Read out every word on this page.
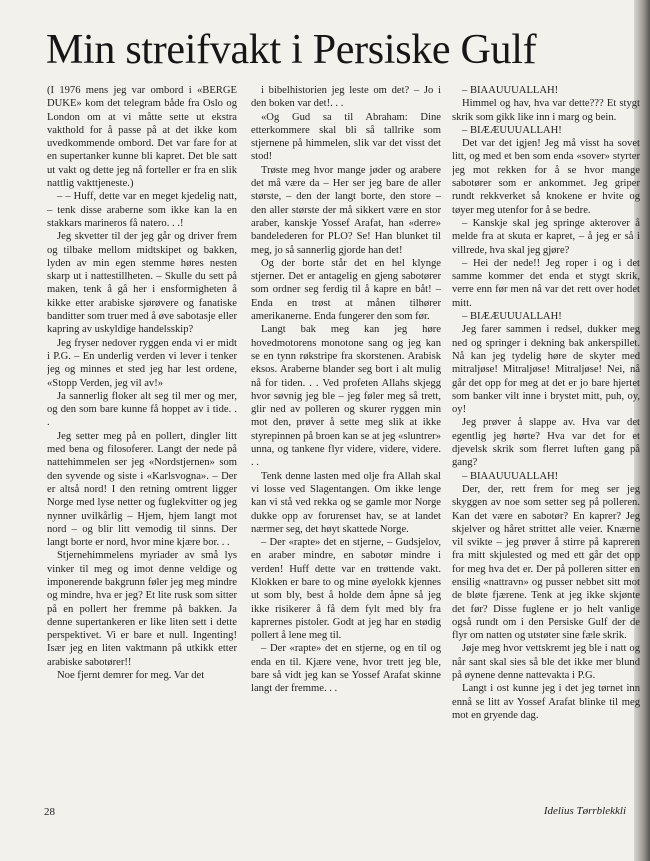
Min streifvakt i Persiske Gulf

(I 1976 mens jeg var ombord i «BERGE DUKE» kom det telegram både fra Oslo og London om at vi måtte sette ut ekstra vakthold for å passe på at det ikke kom uvedkommende ombord. Det var fare for at en supertanker kunne bli kapret. Det ble satt ut vakt og dette jeg nå forteller er fra en slik nattlig vakttjeneste.)

– – Huff, dette var en meget kjedelig natt, – tenk disse araberne som ikke kan la en stakkars marineros få natero. . .!

Jeg skvetter til der jeg går og driver frem og tilbake mellom midtskipet og bakken, lyden av min egen stemme høres nesten skarp ut i nattestillheten. – Skulle du sett på maken, tenk å gå her i ensformigheten å kikke etter arabiske sjørøvere og fanatiske banditter som truer med å øve sabotasje eller kapring av uskyldige handelsskip?

Jeg fryser nedover ryggen enda vi er midt i P.G. – En underlig verden vi lever i tenker jeg og minnes et sted jeg har lest ordene, «Stopp Verden, jeg vil av!»

Ja sannerlig floker alt seg til mer og mer, og den som bare kunne få hoppet av i tide. . .

Jeg setter meg på en pollert, dingler litt med bena og filosoferer. Langt der nede på nattehimmelen ser jeg «Nordstjernen» som den syvende og siste i «Karlsvogna». – Der er altså nord! I den retning omtrent ligger Norge med lyse netter og fuglekvitter og jeg nynner uvilkårlig – Hjem, hjem langt mot nord – og blir litt vemodig til sinns. Der langt borte er nord, hvor mine kjære bor. . .

Stjernehimmelens myriader av små lys vinker til meg og imot denne veldige og imponerende bakgrunn føler jeg meg mindre og mindre, hva er jeg? Et lite rusk som sitter på en pollert her fremme på bakken. Ja denne supertankeren er like liten sett i dette perspektivet. Vi er bare et null. Ingenting! Især jeg en liten vaktmann på utkikk etter arabiske sabotører!!

Noe fjernt demrer for meg. Var det

i bibelhistorien jeg leste om det? – Jo i den boken var det!. . .

«Og Gud sa til Abraham: Dine etterkommere skal bli så tallrike som stjernene på himmelen, slik var det visst det stod!

Trøste meg hvor mange jøder og arabere det må være da – Her ser jeg bare de aller største, – den der langt borte, den store – den aller største der må sikkert være en stor araber, kanskje Yossef Arafat, han «derre» bandelederen for PLO? Se! Han blunket til meg, jo så sannerlig gjorde han det!

Og der borte står det en hel klynge stjerner. Det er antagelig en gjeng sabotører som ordner seg ferdig til å kapre en båt! – Enda en trøst at månen tilhører amerikanerne. Enda fungerer den som før.

Langt bak meg kan jeg høre hovedmotorens monotone sang og jeg kan se en tynn røkstripe fra skorstenen. Arabisk eksos. Araberne blander seg bort i alt mulig nå for tiden. . . Ved profeten Allahs skjegg hvor søvnig jeg ble – jeg føler meg så trett, glir ned av polleren og skurer ryggen min mot den, prøver å sette meg slik at ikke styrepinnen på broen kan se at jeg «sluntrer» unna, og tankene flyr videre, videre, videre. . .

Tenk denne lasten med olje fra Allah skal vi losse ved Slagentangen. Om ikke lenge kan vi stå ved rekka og se gamle mor Norge dukke opp av forurenset hav, se at landet nærmer seg, det høyt skattede Norge.

– Der «rapte» det en stjerne, – Gudsjelov, en araber mindre, en sabotør mindre i verden! Huff dette var en trøttende vakt. Klokken er bare to og mine øyelokk kjennes ut som bly, best å holde dem åpne så jeg ikke risikerer å få dem fylt med bly fra kaprernes pistoler. Godt at jeg har en stødig pollert å lene meg til.

– Der «rapte» det en stjerne, og en til og enda en til. Kjære vene, hvor trett jeg ble, bare så vidt jeg kan se Yossef Arafat skinne langt der fremme. . .

– BIAAUUUALLAH!

Himmel og hav, hva var dette??? Et stygt skrik som gikk like inn i marg og bein.

– BIÆÆUUUALLAH!

Det var det igjen! Jeg må visst ha sovet litt, og med et ben som enda «sover» styrter jeg mot rekken for å se hvor mange sabotører som er ankommet. Jeg griper rundt rekkverket så knokene er hvite og tøyer meg utenfor for å se bedre.

– Kanskje skal jeg springe akterover å melde fra at skuta er kapret, – å jeg er så i villrede, hva skal jeg gjøre?

– Hei der nede!! Jeg roper i og i det samme kommer det enda et stygt skrik, verre enn før men nå var det rett over hodet mitt.

– BIÆÆUUUALLAH!

Jeg farer sammen i redsel, dukker meg ned og springer i dekning bak ankerspillet. Nå kan jeg tydelig høre de skyter med mitraljøse! Mitraljøse! Mitraljøse! Nei, nå går det opp for meg at det er jo bare hjertet som banker vilt inne i brystet mitt, puh, oy, oy!

Jeg prøver å slappe av. Hva var det egentlig jeg hørte? Hva var det for et djevelsk skrik som flerret luften gang på gang?

– BIAAUUUALLAH!

Der, der, rett frem for meg ser jeg skyggen av noe som setter seg på polleren. Kan det være en sabotør? En kaprer? Jeg skjelver og håret strittet alle veier. Knærne vil svikte – jeg prøver å stirre på kapreren fra mitt skjulested og med ett går det opp for meg hva det er. Der på polleren sitter en ensilig «nattravn» og pusser nebbet sitt mot de bløte fjærene. Tenk at jeg ikke skjønte det før? Disse fuglene er jo helt vanlige også rundt om i den Persiske Gulf der de flyr om natten og utstøter sine fæle skrik.

Jøje meg hvor vettskremt jeg ble i natt og når sant skal sies så ble det ikke mer blund på øynene denne nattevakta i P.G.

Langt i ost kunne jeg i det jeg tørnet inn ennå se litt av Yossef Arafat blinke til meg mot en gryende dag.

28	Idelius Tørrblekkli
